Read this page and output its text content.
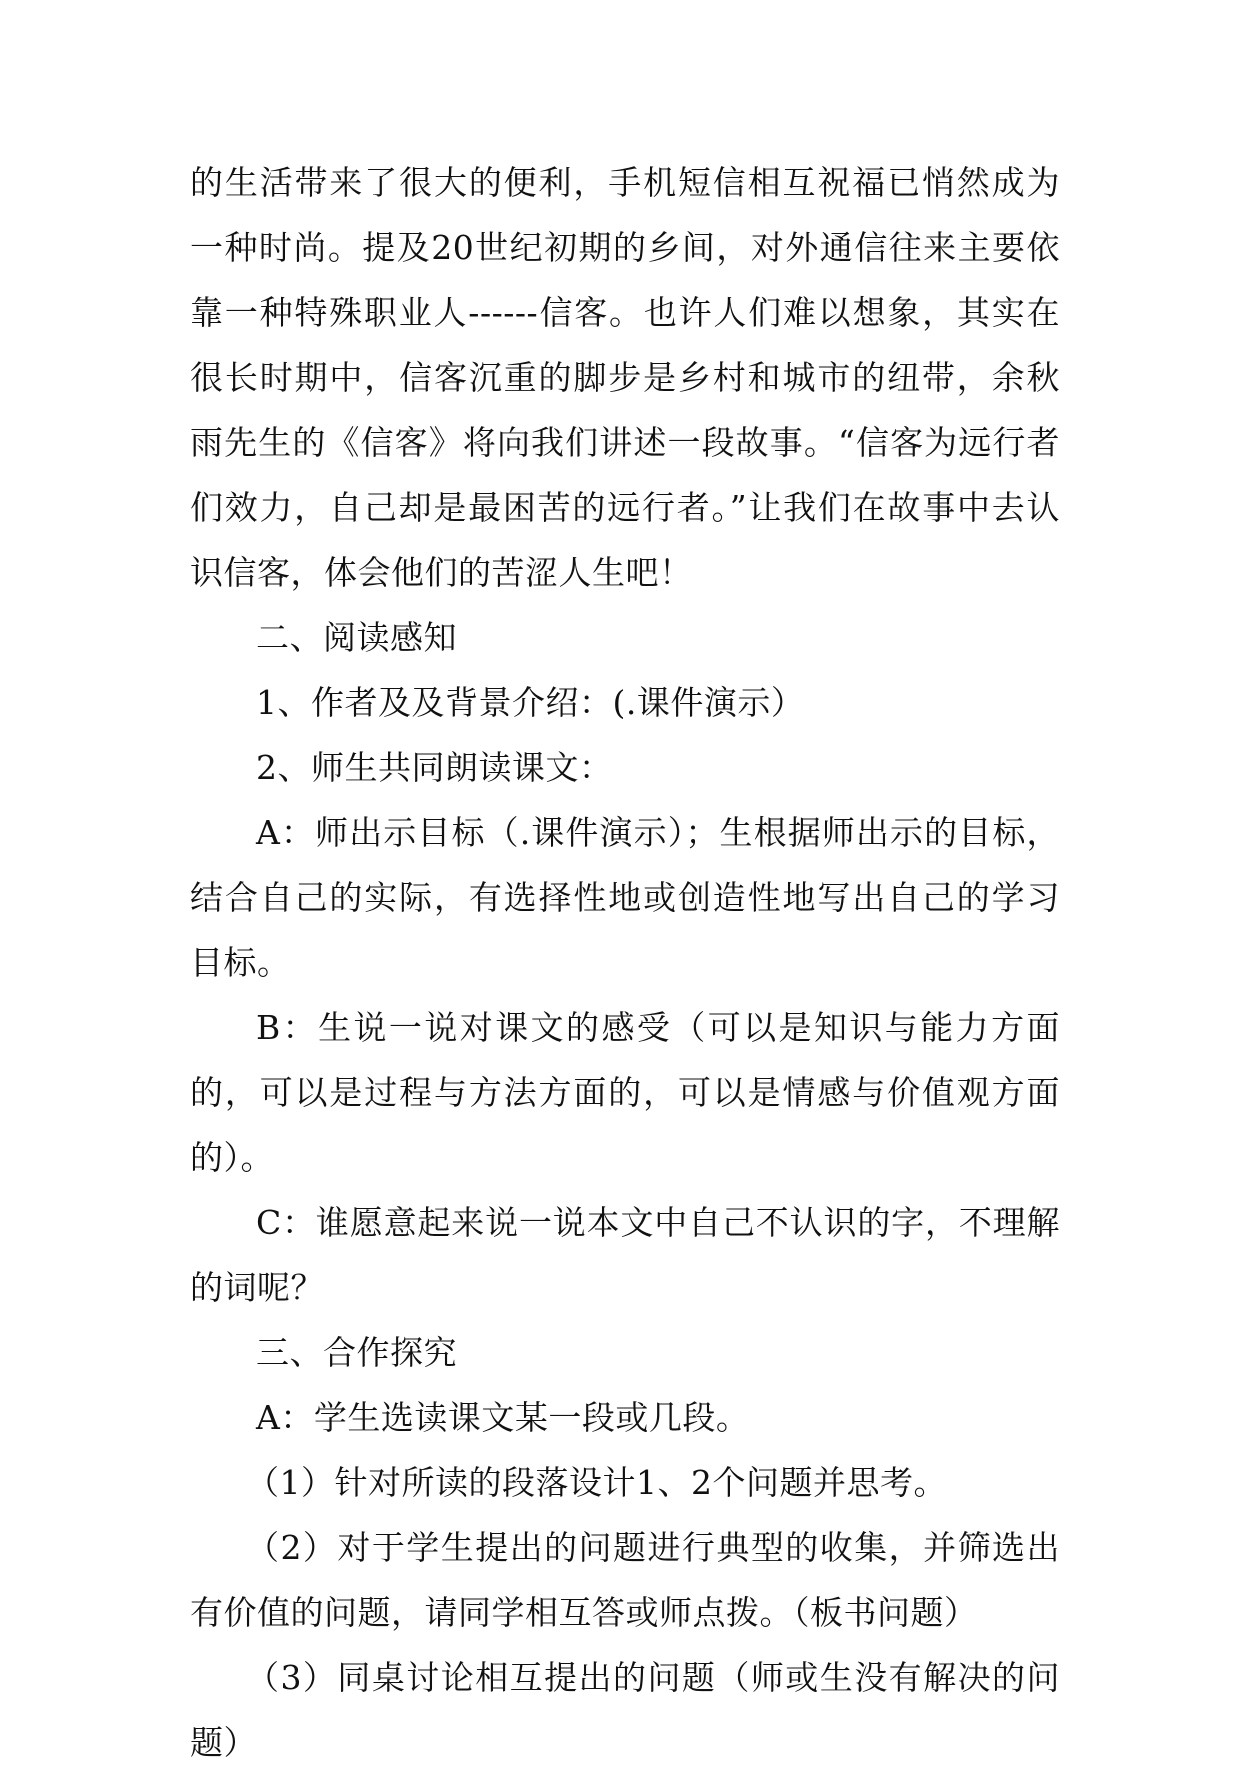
的生活带来了很大的便利，手机短信相互祝福已悄然成为一种时尚。提及20世纪初期的乡间，对外通信往来主要依靠一种特殊职业人------信客。也许人们难以想象，其实在很长时期中，信客沉重的脚步是乡村和城市的纽带，余秋雨先生的《信客》将向我们讲述一段故事。“信客为远行者们效力，自己却是最困苦的远行者。”让我们在故事中去认识信客，体会他们的苦涩人生吧！

二、阅读感知

1、作者及及背景介绍：(.课件演示）

2、师生共同朗读课文：

A：师出示目标（.课件演示）；生根据师出示的目标，结合自己的实际，有选择性地或创造性地写出自己的学习目标。

B：生说一说对课文的感受（可以是知识与能力方面的，可以是过程与方法方面的，可以是情感与价值观方面的）。

C：谁愿意起来说一说本文中自己不认识的字，不理解的词呢？

三、合作探究

A：学生选读课文某一段或几段。

（1）针对所读的段落设计1、2个问题并思考。

（2）对于学生提出的问题进行典型的收集，并筛选出有价值的问题，请同学相互答或师点拨。（板书问题）

（3）同桌讨论相互提出的问题（师或生没有解决的问题）
